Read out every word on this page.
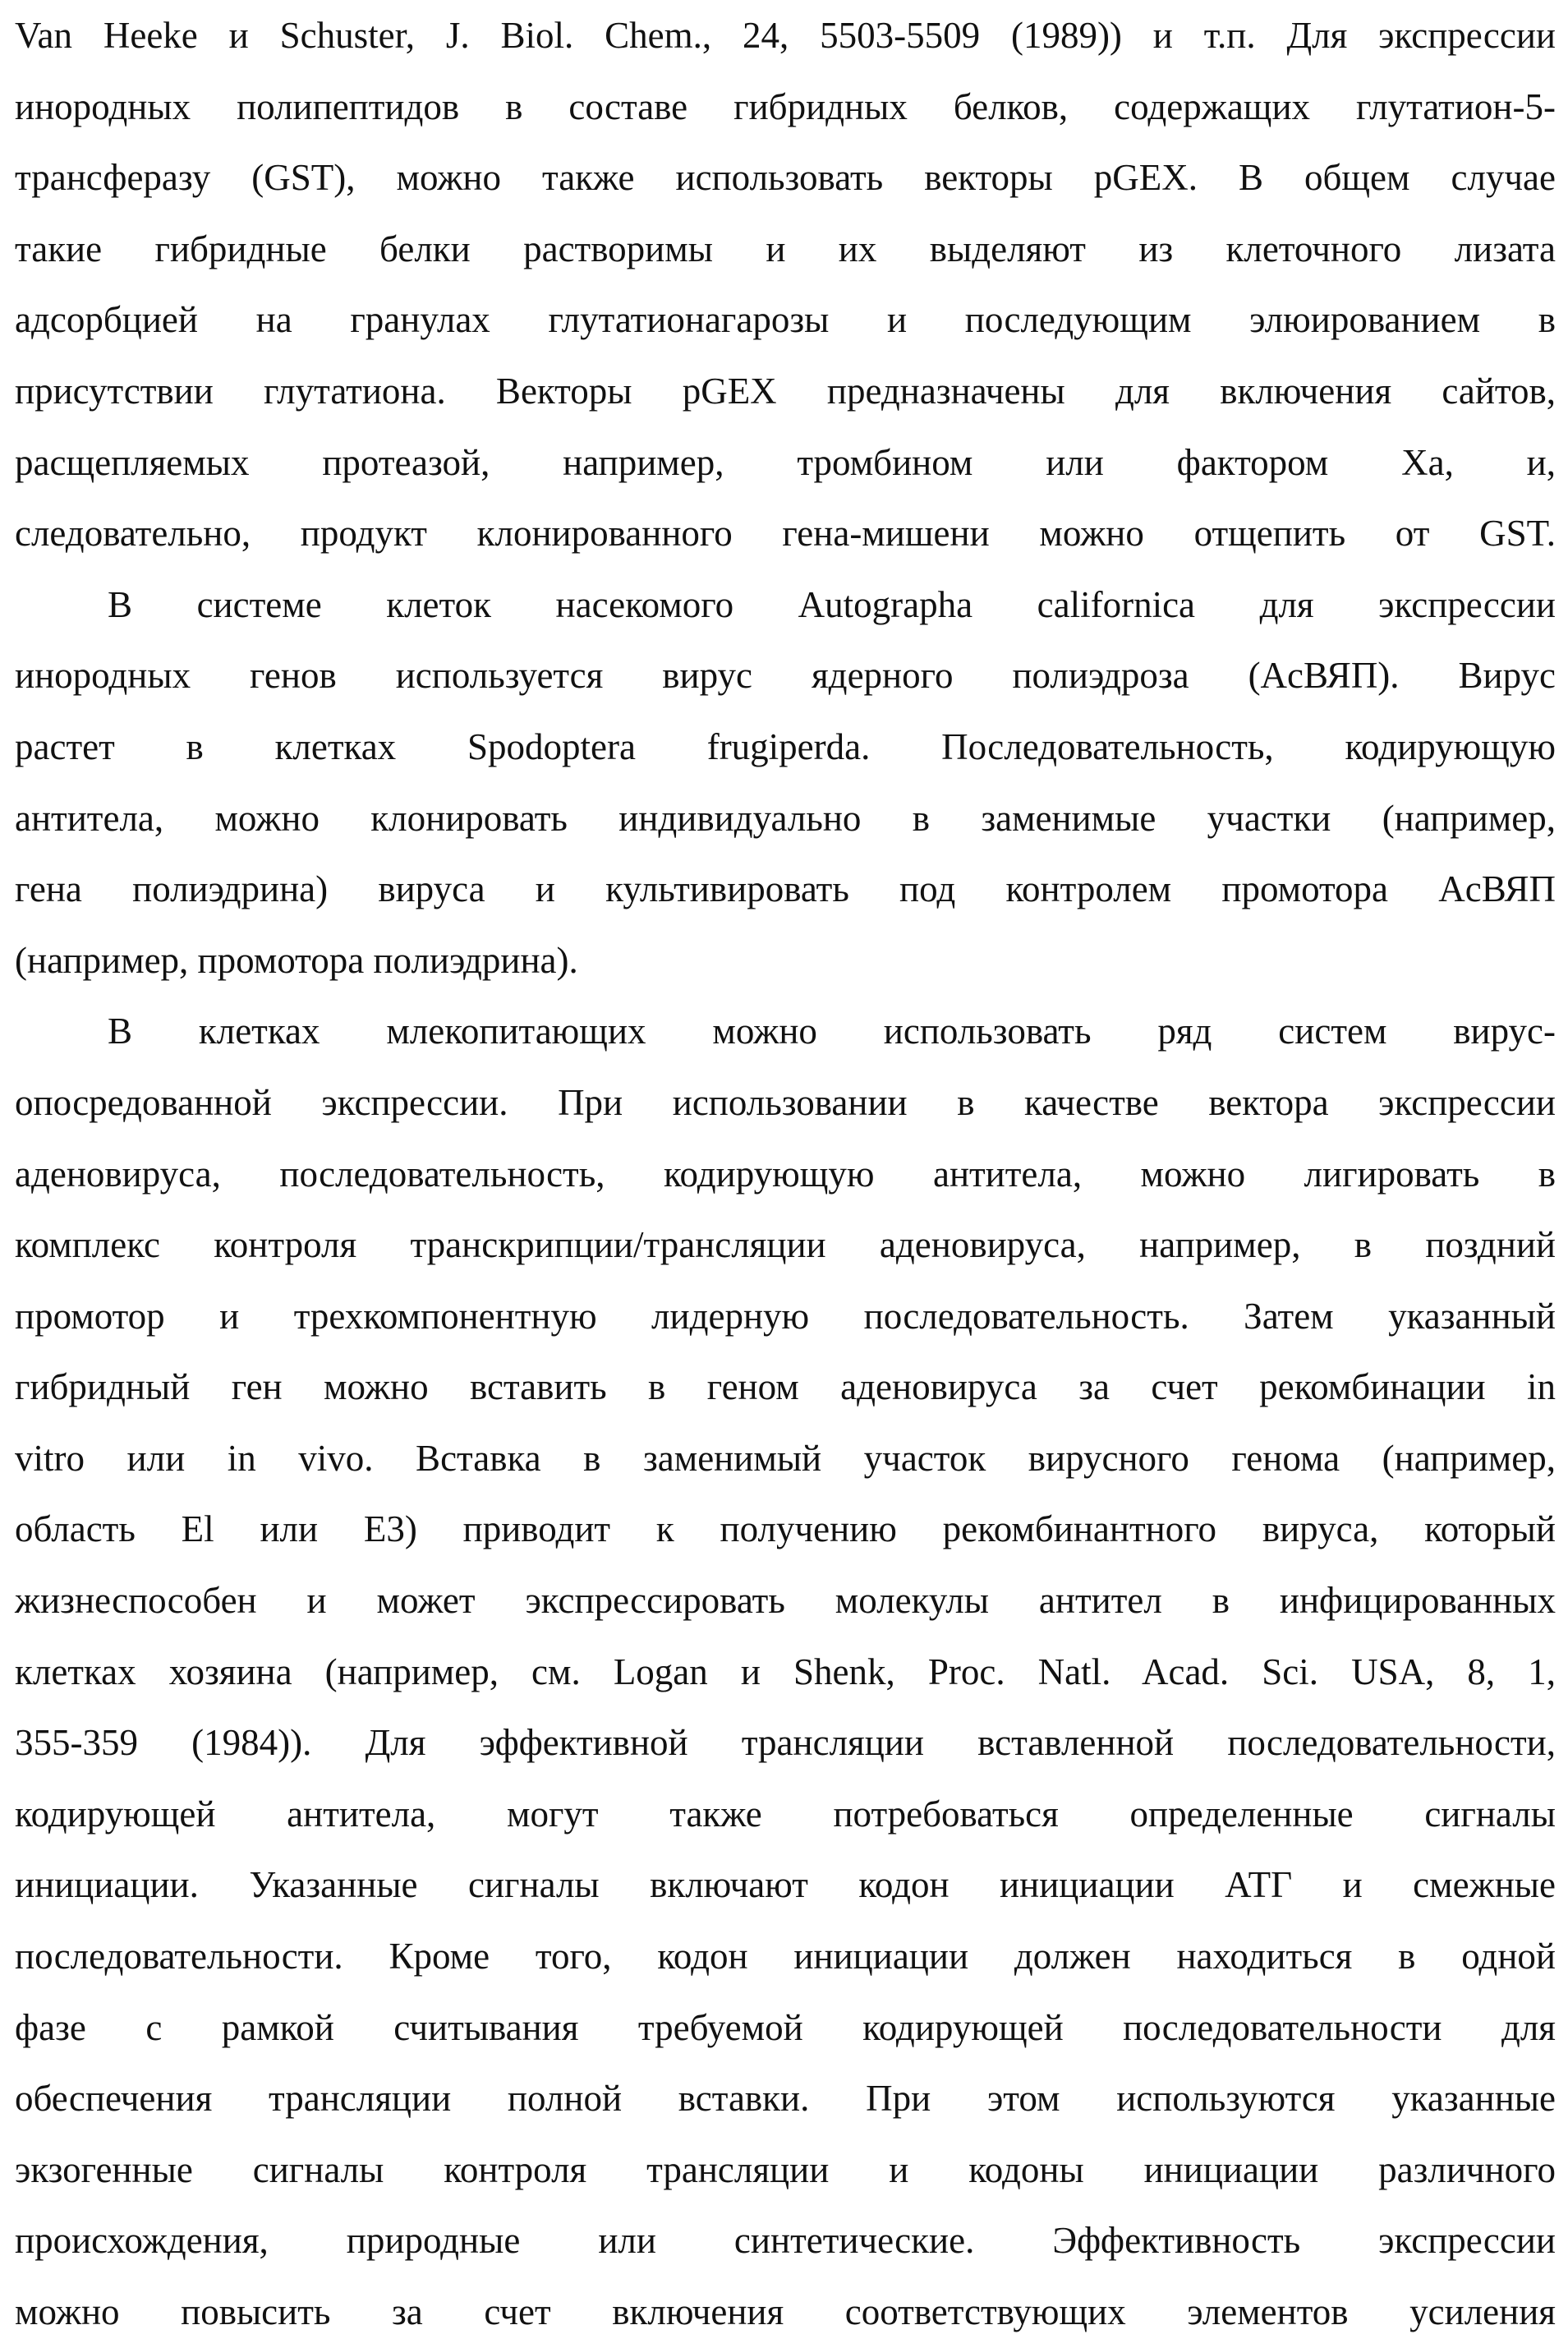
Van Heeke и Schuster, J. Biol. Chem., 24, 5503-5509 (1989)) и т.п. Для экспрессии
инородных полипептидов в составе гибридных белков, содержащих глутатион-5-
трансферазу (GST), можно также использовать векторы pGEX. В общем случае
такие гибридные белки растворимы и их выделяют из клеточного лизата
адсорбцией на гранулах глутатионагарозы и последующим элюированием в
присутствии глутатиона. Векторы pGEX предназначены для включения сайтов,
расщепляемых протеазой, например, тромбином или фактором Ха, и,
следовательно, продукт клонированного гена-мишени можно отщепить от GST.
В системе клеток насекомого Autographa californica для экспрессии
инородных генов используется вирус ядерного полиэдроза (AcВЯП). Вирус
растет в клетках Spodoptera frugiperda. Последовательность, кодирующую
антитела, можно клонировать индивидуально в заменимые участки (например,
гена полиэдрина) вируса и культивировать под контролем промотора AcВЯП
(например, промотора полиэдрина).
В клетках млекопитающих можно использовать ряд систем вирус-
опосредованной экспрессии. При использовании в качестве вектора экспрессии
аденовируса, последовательность, кодирующую антитела, можно лигировать в
комплекс контроля транскрипции/трансляции аденовируса, например, в поздний
промотор и трехкомпонентную лидерную последовательность. Затем указанный
гибридный ген можно вставить в геном аденовируса за счет рекомбинации in
vitro или in vivo. Вставка в заменимый участок вирусного генома (например,
область El или E3) приводит к получению рекомбинантного вируса, который
жизнеспособен и может экспрессировать молекулы антител в инфицированных
клетках хозяина (например, см. Logan и Shenk, Proc. Natl. Acad. Sci. USA, 8, 1,
355-359 (1984)). Для эффективной трансляции вставленной последовательности,
кодирующей антитела, могут также потребоваться определенные сигналы
инициации. Указанные сигналы включают кодон инициации АТГ и смежные
последовательности. Кроме того, кодон инициации должен находиться в одной
фазе с рамкой считывания требуемой кодирующей последовательности для
обеспечения трансляции полной вставки. При этом используются указанные
экзогенные сигналы контроля трансляции и кодоны инициации различного
происхождения, природные или синтетические. Эффективность экспрессии
можно повысить за счет включения соответствующих элементов усиления
